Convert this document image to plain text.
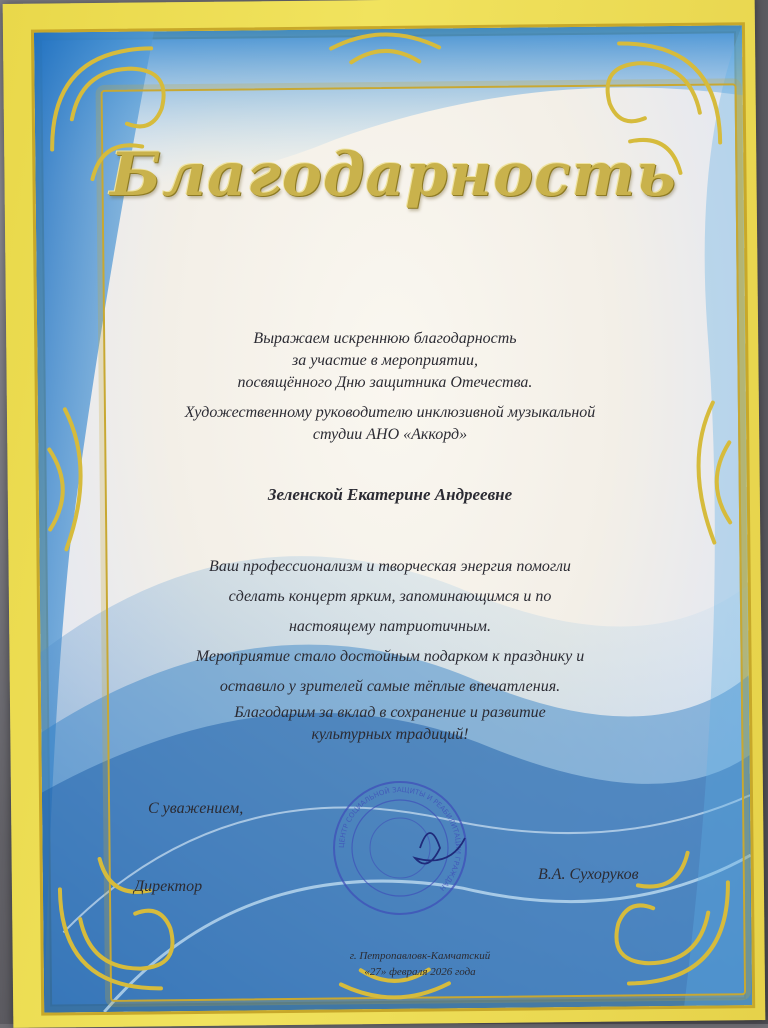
Благодарность
Выражаем искреннюю благодарность
за участие в мероприятии,
посвящённого Дню защитника Отечества.
Художественному руководителю инклюзивной музыкальной
студии АНО «Аккорд»
Зеленской Екатерине Андреевне
Ваш профессионализм и творческая энергия помогли
сделать концерт ярким, запоминающимся и по
настоящему патриотичным.
Мероприятие стало достойным подарком к празднику и
оставило у зрителей самые тёплые впечатления.
Благодарим за вклад в сохранение и развитие
культурных традиций!
С уважением,
Директор
В.А. Сухоруков
ЦЕНТР СОЦИАЛЬНОЙ ЗАЩИТЫ И РЕАБИЛИТАЦИИ ГРАЖДАН
г. Петропавловк-Камчатский
«27» февраля 2026 года
